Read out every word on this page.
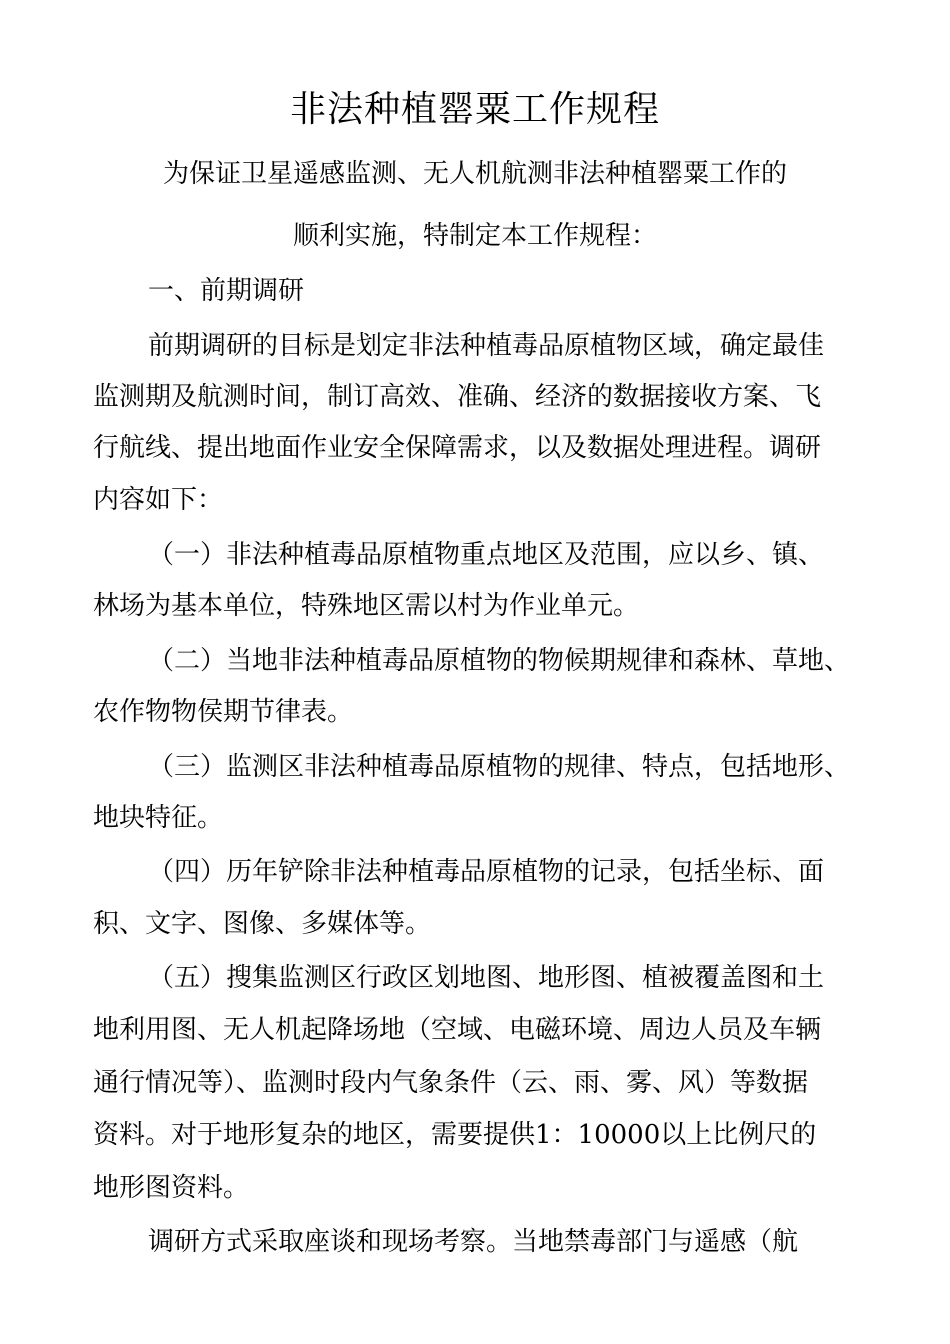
非法种植罂粟工作规程
为保证卫星遥感监测、无人机航测非法种植罂粟工作的
顺利实施，特制定本工作规程：
一、前期调研
前期调研的目标是划定非法种植毒品原植物区域，确定最佳
监测期及航测时间，制订高效、准确、经济的数据接收方案、飞
行航线、提出地面作业安全保障需求，以及数据处理进程。调研
内容如下：
（一）非法种植毒品原植物重点地区及范围，应以乡、镇、
林场为基本单位，特殊地区需以村为作业单元。
（二）当地非法种植毒品原植物的物候期规律和森林、草地、
农作物物侯期节律表。
（三）监测区非法种植毒品原植物的规律、特点，包括地形、
地块特征。
（四）历年铲除非法种植毒品原植物的记录，包括坐标、面
积、文字、图像、多媒体等。
（五）搜集监测区行政区划地图、地形图、植被覆盖图和土
地利用图、无人机起降场地（空域、电磁环境、周边人员及车辆
通行情况等）、监测时段内气象条件（云、雨、雾、风）等数据
资料。对于地形复杂的地区，需要提供1：10000以上比例尺的
地形图资料。
调研方式采取座谈和现场考察。当地禁毒部门与遥感（航
